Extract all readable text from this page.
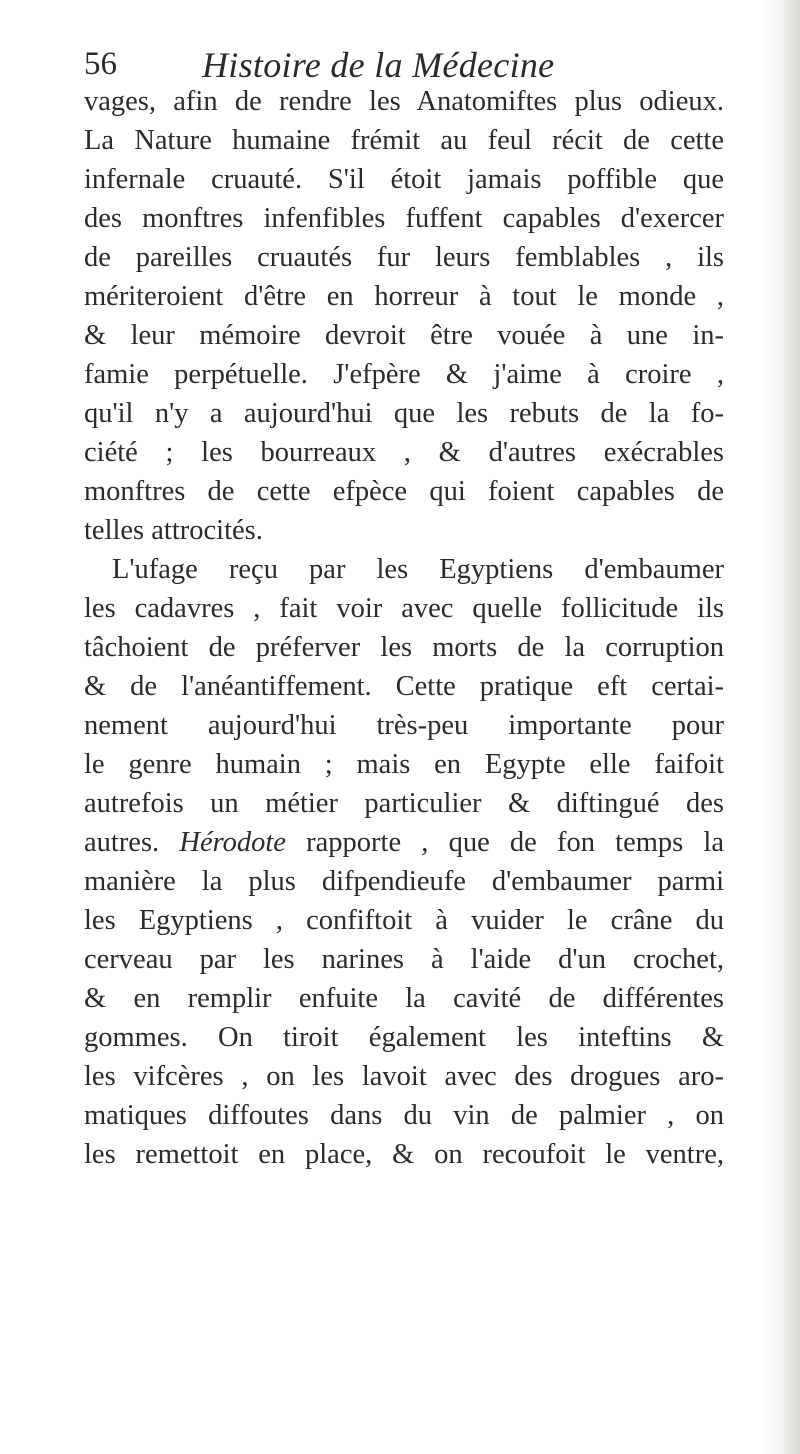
56 Histoire de la Médecine
vages, afin de rendre les Anatomiftes plus odieux.
La Nature humaine frémit au feul récit de cette
infernale cruauté. S'il étoit jamais poffible que
des monftres infenfibles fuffent capables d'exercer
de pareilles cruautés fur leurs femblables , ils
mériteroient d'être en horreur à tout le monde ,
& leur mémoire devroit être vouée à une in-
famie perpétuelle. J'efpère & j'aime à croire ,
qu'il n'y a aujourd'hui que les rebuts de la fo-
ciété ; les bourreaux , & d'autres exécrables
monftres de cette efpèce qui foient capables de
telles attrocités.
L'ufage reçu par les Egyptiens d'embaumer
les cadavres , fait voir avec quelle follicitude ils
tâchoient de préferver les morts de la corruption
& de l'anéantiffement. Cette pratique eft certai-
nement aujourd'hui très-peu importante pour
le genre humain ; mais en Egypte elle faifoit
autrefois un métier particulier & diftingué des
autres. Hérodote rapporte , que de fon temps la
manière la plus difpendieufe d'embaumer parmi
les Egyptiens , confiftoit à vuider le crâne du
cerveau par les narines à l'aide d'un crochet,
& en remplir enfuite la cavité de différentes
gommes. On tiroit également les inteftins &
les vifcères , on les lavoit avec des drogues aro-
matiques diffoutes dans du vin de palmier , on
les remettoit en place, & on recoufoit le ventre,
